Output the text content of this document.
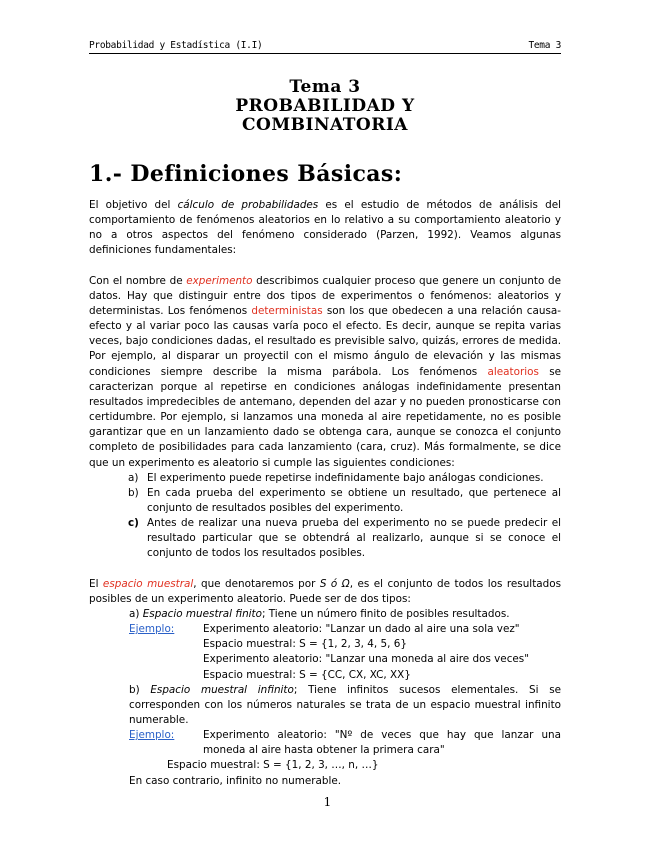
Probabilidad y Estadística (I.I)	Tema 3
Tema 3
PROBABILIDAD Y
COMBINATORIA
1.- Definiciones Básicas:

El objetivo del cálculo de probabilidades es el estudio de métodos de análisis del comportamiento de fenómenos aleatorios en lo relativo a su comportamiento aleatorio y no a otros aspectos del fenómeno considerado (Parzen, 1992). Veamos algunas definiciones fundamentales:

Con el nombre de experimento describimos cualquier proceso que genere un conjunto de datos. Hay que distinguir entre dos tipos de experimentos o fenómenos: aleatorios y deterministas. Los fenómenos deterministas son los que obedecen a una relación causa-efecto y al variar poco las causas varía poco el efecto. Es decir, aunque se repita varias veces, bajo condiciones dadas, el resultado es previsible salvo, quizás, errores de medida. Por ejemplo, al disparar un proyectil con el mismo ángulo de elevación y las mismas condiciones siempre describe la misma parábola. Los fenómenos aleatorios se caracterizan porque al repetirse en condiciones análogas indefinidamente presentan resultados impredecibles de antemano, dependen del azar y no pueden pronosticarse con certidumbre. Por ejemplo, si lanzamos una moneda al aire repetidamente, no es posible garantizar que en un lanzamiento dado se obtenga cara, aunque se conozca el conjunto completo de posibilidades para cada lanzamiento (cara, cruz). Más formalmente, se dice que un experimento es aleatorio si cumple las siguientes condiciones:

a) El experimento puede repetirse indefinidamente bajo análogas condiciones.
b) En cada prueba del experimento se obtiene un resultado, que pertenece al conjunto de resultados posibles del experimento.
c) Antes de realizar una nueva prueba del experimento no se puede predecir el resultado particular que se obtendrá al realizarlo, aunque si se conoce el conjunto de todos los resultados posibles.

El espacio muestral, que denotaremos por S ó Ω, es el conjunto de todos los resultados posibles de un experimento aleatorio. Puede ser de dos tipos:

a) Espacio muestral finito; Tiene un número finito de posibles resultados.
Ejemplo:	Experimento aleatorio: "Lanzar un dado al aire una sola vez"
Espacio muestral: S = {1, 2, 3, 4, 5, 6}
Experimento aleatorio: "Lanzar una moneda al aire dos veces"
Espacio muestral: S = {CC, CX, XC, XX}
b) Espacio muestral infinito; Tiene infinitos sucesos elementales. Si se corresponden con los números naturales se trata de un espacio muestral infinito numerable.
Ejemplo:	Experimento aleatorio: "Nº de veces que hay que lanzar una moneda al aire hasta obtener la primera cara"
Espacio muestral: S = {1, 2, 3, …, n, …}
En caso contrario, infinito no numerable.
1
